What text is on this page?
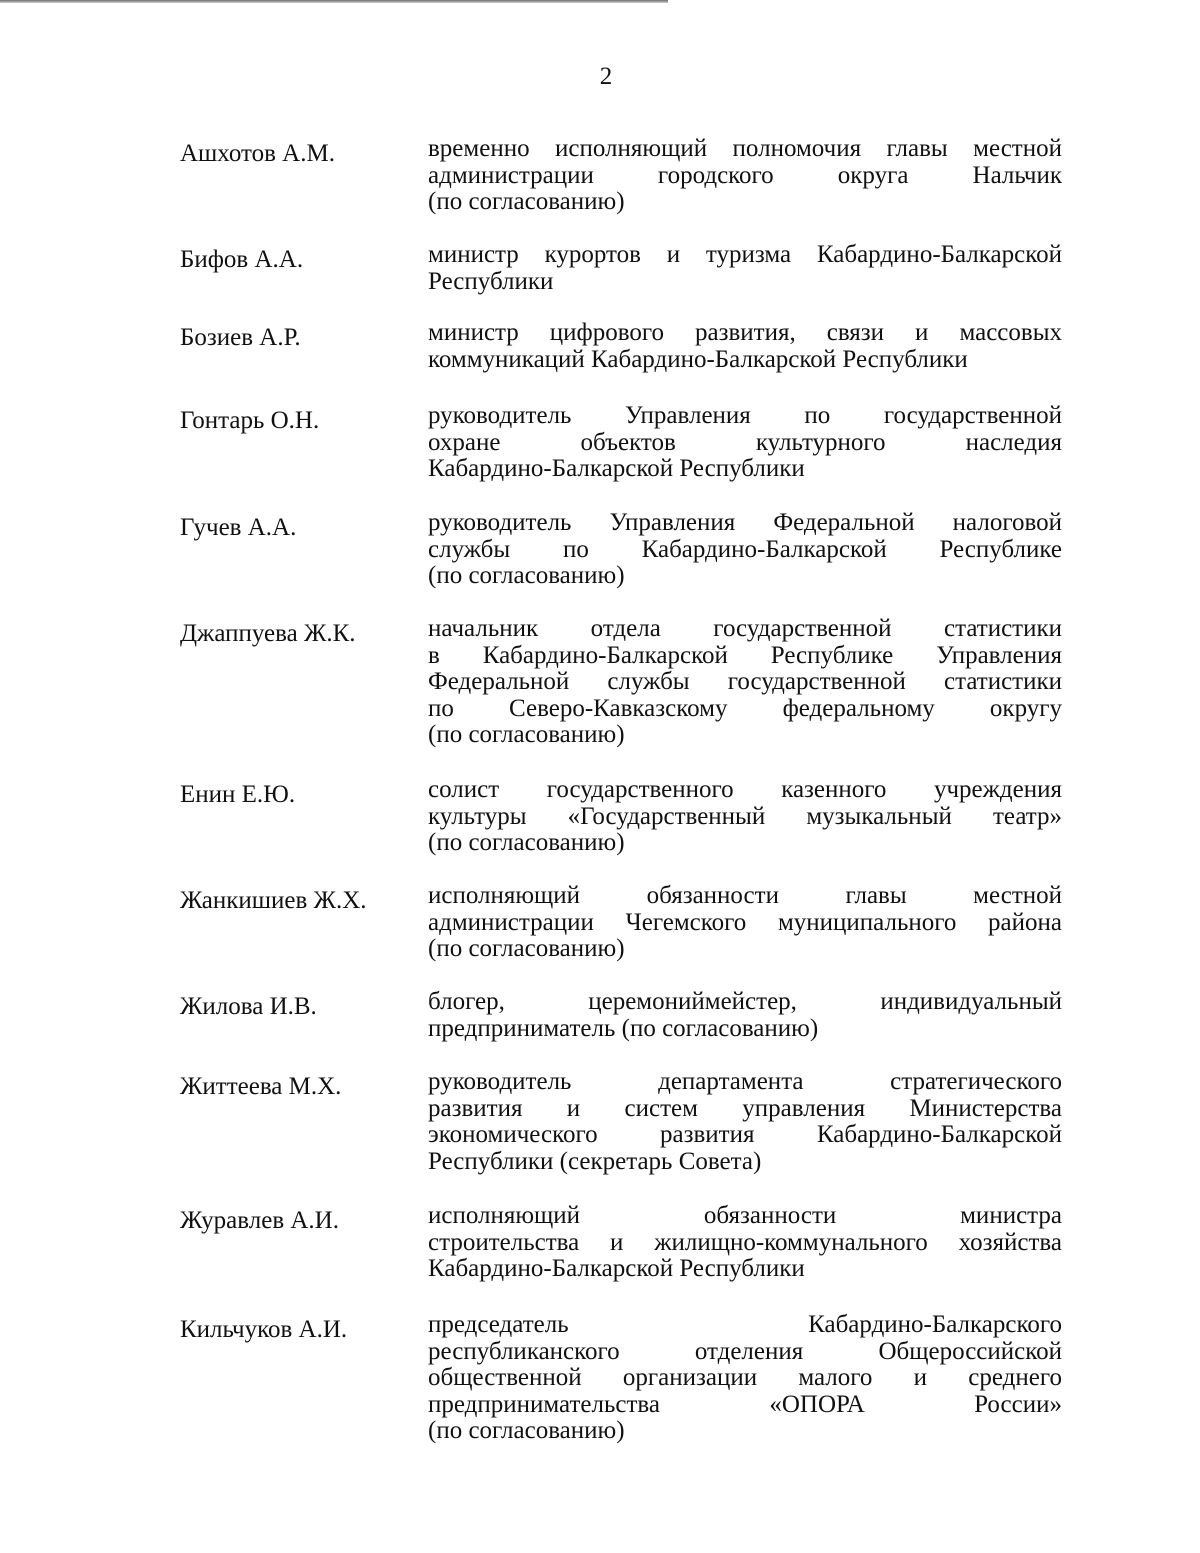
2
Ашхотов А.М.	временно исполняющий полномочия главы местной
администрации городского округа Нальчик
(по согласованию)
Бифов А.А.	министр курортов и туризма Кабардино-Балкарской
Республики
Бозиев А.Р.	министр цифрового развития, связи и массовых
коммуникаций Кабардино-Балкарской Республики
Гонтарь О.Н.	руководитель Управления по государственной
охране объектов культурного наследия
Кабардино-Балкарской Республики
Гучев А.А.	руководитель Управления Федеральной налоговой
службы по Кабардино-Балкарской Республике
(по согласованию)
Джаппуева Ж.К.	начальник отдела государственной статистики
в Кабардино-Балкарской Республике Управления
Федеральной службы государственной статистики
по Северо-Кавказскому федеральному округу
(по согласованию)
Енин Е.Ю.	солист государственного казенного учреждения
культуры «Государственный музыкальный театр»
(по согласованию)
Жанкишиев Ж.Х. исполняющий обязанности главы местной
администрации Чегемского муниципального района
(по согласованию)
Жилова И.В.	блогер, церемониймейстер, индивидуальный
предприниматель (по согласованию)
Життеева М.Х.	руководитель департамента стратегического
развития и систем управления Министерства
экономического развития Кабардино-Балкарской
Республики (секретарь Совета)
Журавлев А.И.	исполняющий обязанности министра
строительства и жилищно-коммунального хозяйства
Кабардино-Балкарской Республики
Кильчуков А.И.	председатель Кабардино-Балкарского
республиканского отделения Общероссийской
общественной организации малого и среднего
предпринимательства «ОПОРА России»
(по согласованию)
